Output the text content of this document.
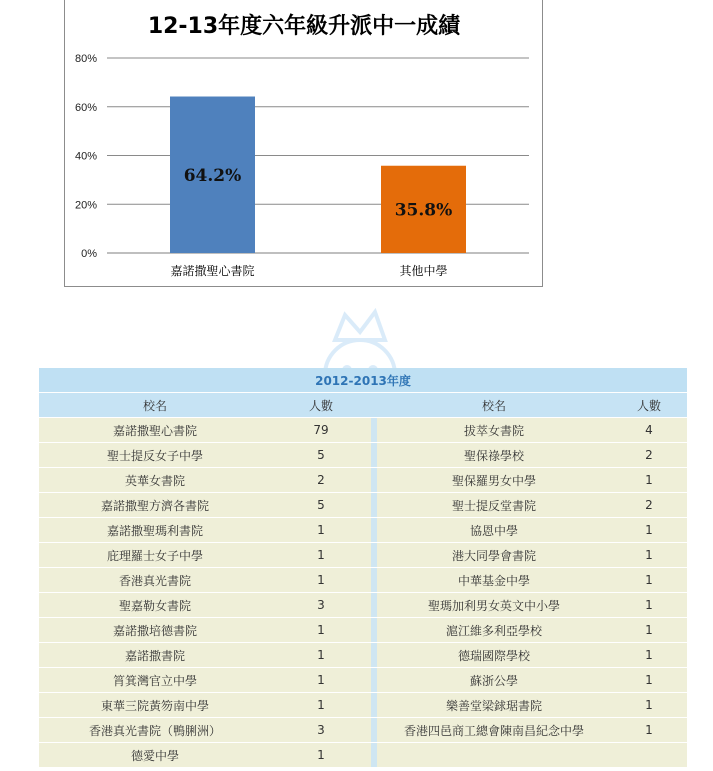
12-13年度六年級升派中一成績
0%
20%
40%
60%
80%
64.2%
嘉諾撒聖心書院
35.8%
其他中學
2012-2013年度				
校名	人數		校名	人數
嘉諾撒聖心書院	79		拔萃女書院	4
聖士提反女子中學	5		聖保祿學校	2
英華女書院	2		聖保羅男女中學	1
嘉諾撒聖方濟各書院	5		聖士提反堂書院	2
嘉諾撒聖瑪利書院	1		協恩中學	1
庇理羅士女子中學	1		港大同學會書院	1
香港真光書院	1		中華基金中學	1
聖嘉勒女書院	3		聖瑪加利男女英文中小學	1
嘉諾撒培德書院	1		滬江維多利亞學校	1
嘉諾撒書院	1		德瑞國際學校	1
筲箕灣官立中學	1		蘇浙公學	1
東華三院黃笏南中學	1		樂善堂梁銶琚書院	1
香港真光書院（鴨脷洲）	3		香港四邑商工總會陳南昌紀念中學	1
德愛中學	1			
